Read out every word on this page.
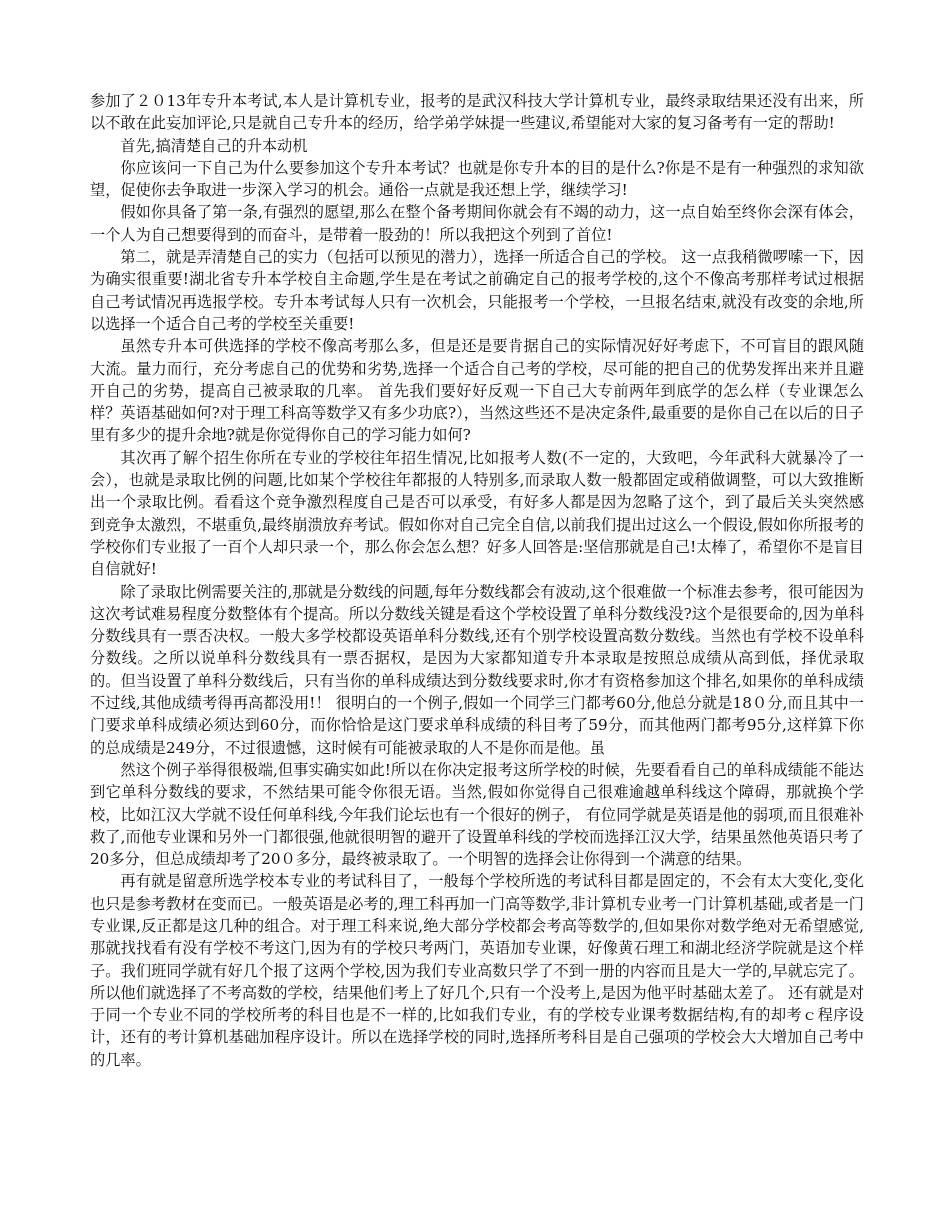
参加了２０13年专升本考试,本人是计算机专业，报考的是武汉科技大学计算机专业，最终录取结果还没有出来，所以不敢在此妄加评论,只是就自己专升本的经历，给学弟学妹提一些建议,希望能对大家的复习备考有一定的帮助!

首先,搞清楚自己的升本动机

你应该问一下自己为什么要参加这个专升本考试？也就是你专升本的目的是什么?你是不是有一种强烈的求知欲望，促使你去争取进一步深入学习的机会。通俗一点就是我还想上学，继续学习!

假如你具备了第一条,有强烈的愿望,那么在整个备考期间你就会有不竭的动力，这一点自始至终你会深有体会，一个人为自己想要得到的而奋斗，是带着一股劲的！所以我把这个列到了首位!

第二，就是弄清楚自己的实力（包括可以预见的潜力），选择一所适合自己的学校。 这一点我稍微啰嗦一下，因为确实很重要!湖北省专升本学校自主命题,学生是在考试之前确定自己的报考学校的,这个不像高考那样考试过根据自己考试情况再选报学校。专升本考试每人只有一次机会，只能报考一个学校，一旦报名结束,就没有改变的余地,所以选择一个适合自己考的学校至关重要!

虽然专升本可供选择的学校不像高考那么多，但是还是要肯据自己的实际情况好好考虑下，不可盲目的跟风随大流。量力而行，充分考虑自己的优势和劣势,选择一个适合自己考的学校，尽可能的把自己的优势发挥出来并且避开自己的劣势，提高自己被录取的几率。 首先我们要好好反观一下自己大专前两年到底学的怎么样（专业课怎么样？英语基础如何?对于理工科高等数学又有多少功底?），当然这些还不是决定条件,最重要的是你自己在以后的日子里有多少的提升余地?就是你觉得你自己的学习能力如何?

其次再了解个招生你所在专业的学校往年招生情况,比如报考人数(不一定的，大致吧，今年武科大就暴冷了一会），也就是录取比例的问题,比如某个学校往年都报的人特别多,而录取人数一般都固定或稍做调整，可以大致推断出一个录取比例。看看这个竞争激烈程度自己是否可以承受，有好多人都是因为忽略了这个，到了最后关头突然感到竞争太激烈，不堪重负,最终崩溃放弃考试。假如你对自己完全自信,以前我们提出过这么一个假设,假如你所报考的学校你们专业报了一百个人却只录一个，那么你会怎么想？好多人回答是:坚信那就是自己!太棒了，希望你不是盲目自信就好!

除了录取比例需要关注的,那就是分数线的问题,每年分数线都会有波动,这个很难做一个标准去参考，很可能因为这次考试难易程度分数整体有个提高。所以分数线关键是看这个学校设置了单科分数线没?这个是很要命的,因为单科分数线具有一票否决权。一般大多学校都设英语单科分数线,还有个别学校设置高数分数线。当然也有学校不设单科分数线。之所以说单科分数线具有一票否据权，是因为大家都知道专升本录取是按照总成绩从高到低，择优录取的。但当设置了单科分数线后，只有当你的单科成绩达到分数线要求时,你才有资格参加这个排名,如果你的单科成绩不过线,其他成绩考得再高都没用!！ 很明白的一个例子,假如一个同学三门都考60分,他总分就是18０分,而且其中一门要求单科成绩必须达到60分，而你恰恰是这门要求单科成绩的科目考了59分，而其他两门都考95分,这样算下你的总成绩是249分，不过很遗憾，这时候有可能被录取的人不是你而是他。虽

然这个例子举得很极端,但事实确实如此!所以在你决定报考这所学校的时候，先要看看自己的单科成绩能不能达到它单科分数线的要求，不然结果可能令你很无语。当然,假如你觉得自己很难逾越单科线这个障碍，那就换个学校，比如江汉大学就不设任何单科线,今年我们论坛也有一个很好的例子， 有位同学就是英语是他的弱项,而且很难补救了,而他专业课和另外一门都很强,他就很明智的避开了设置单科线的学校而选择江汉大学，结果虽然他英语只考了20多分，但总成绩却考了20０多分，最终被录取了。一个明智的选择会让你得到一个满意的结果。

再有就是留意所选学校本专业的考试科目了，一般每个学校所选的考试科目都是固定的，不会有太大变化,变化也只是参考教材在变而已。一般英语是必考的,理工科再加一门高等数学,非计算机专业考一门计算机基础,或者是一门专业课,反正都是这几种的组合。对于理工科来说,绝大部分学校都会考高等数学的,但如果你对数学绝对无希望感觉,那就找找看有没有学校不考这门,因为有的学校只考两门，英语加专业课，好像黄石理工和湖北经济学院就是这个样子。我们班同学就有好几个报了这两个学校,因为我们专业高数只学了不到一册的内容而且是大一学的,早就忘完了。所以他们就选择了不考高数的学校，结果他们考上了好几个,只有一个没考上,是因为他平时基础太差了。 还有就是对于同一个专业不同的学校所考的科目也是不一样的,比如我们专业，有的学校专业课考数据结构,有的却考ｃ程序设计，还有的考计算机基础加程序设计。所以在选择学校的同时,选择所考科目是自己强项的学校会大大增加自己考中的几率。
